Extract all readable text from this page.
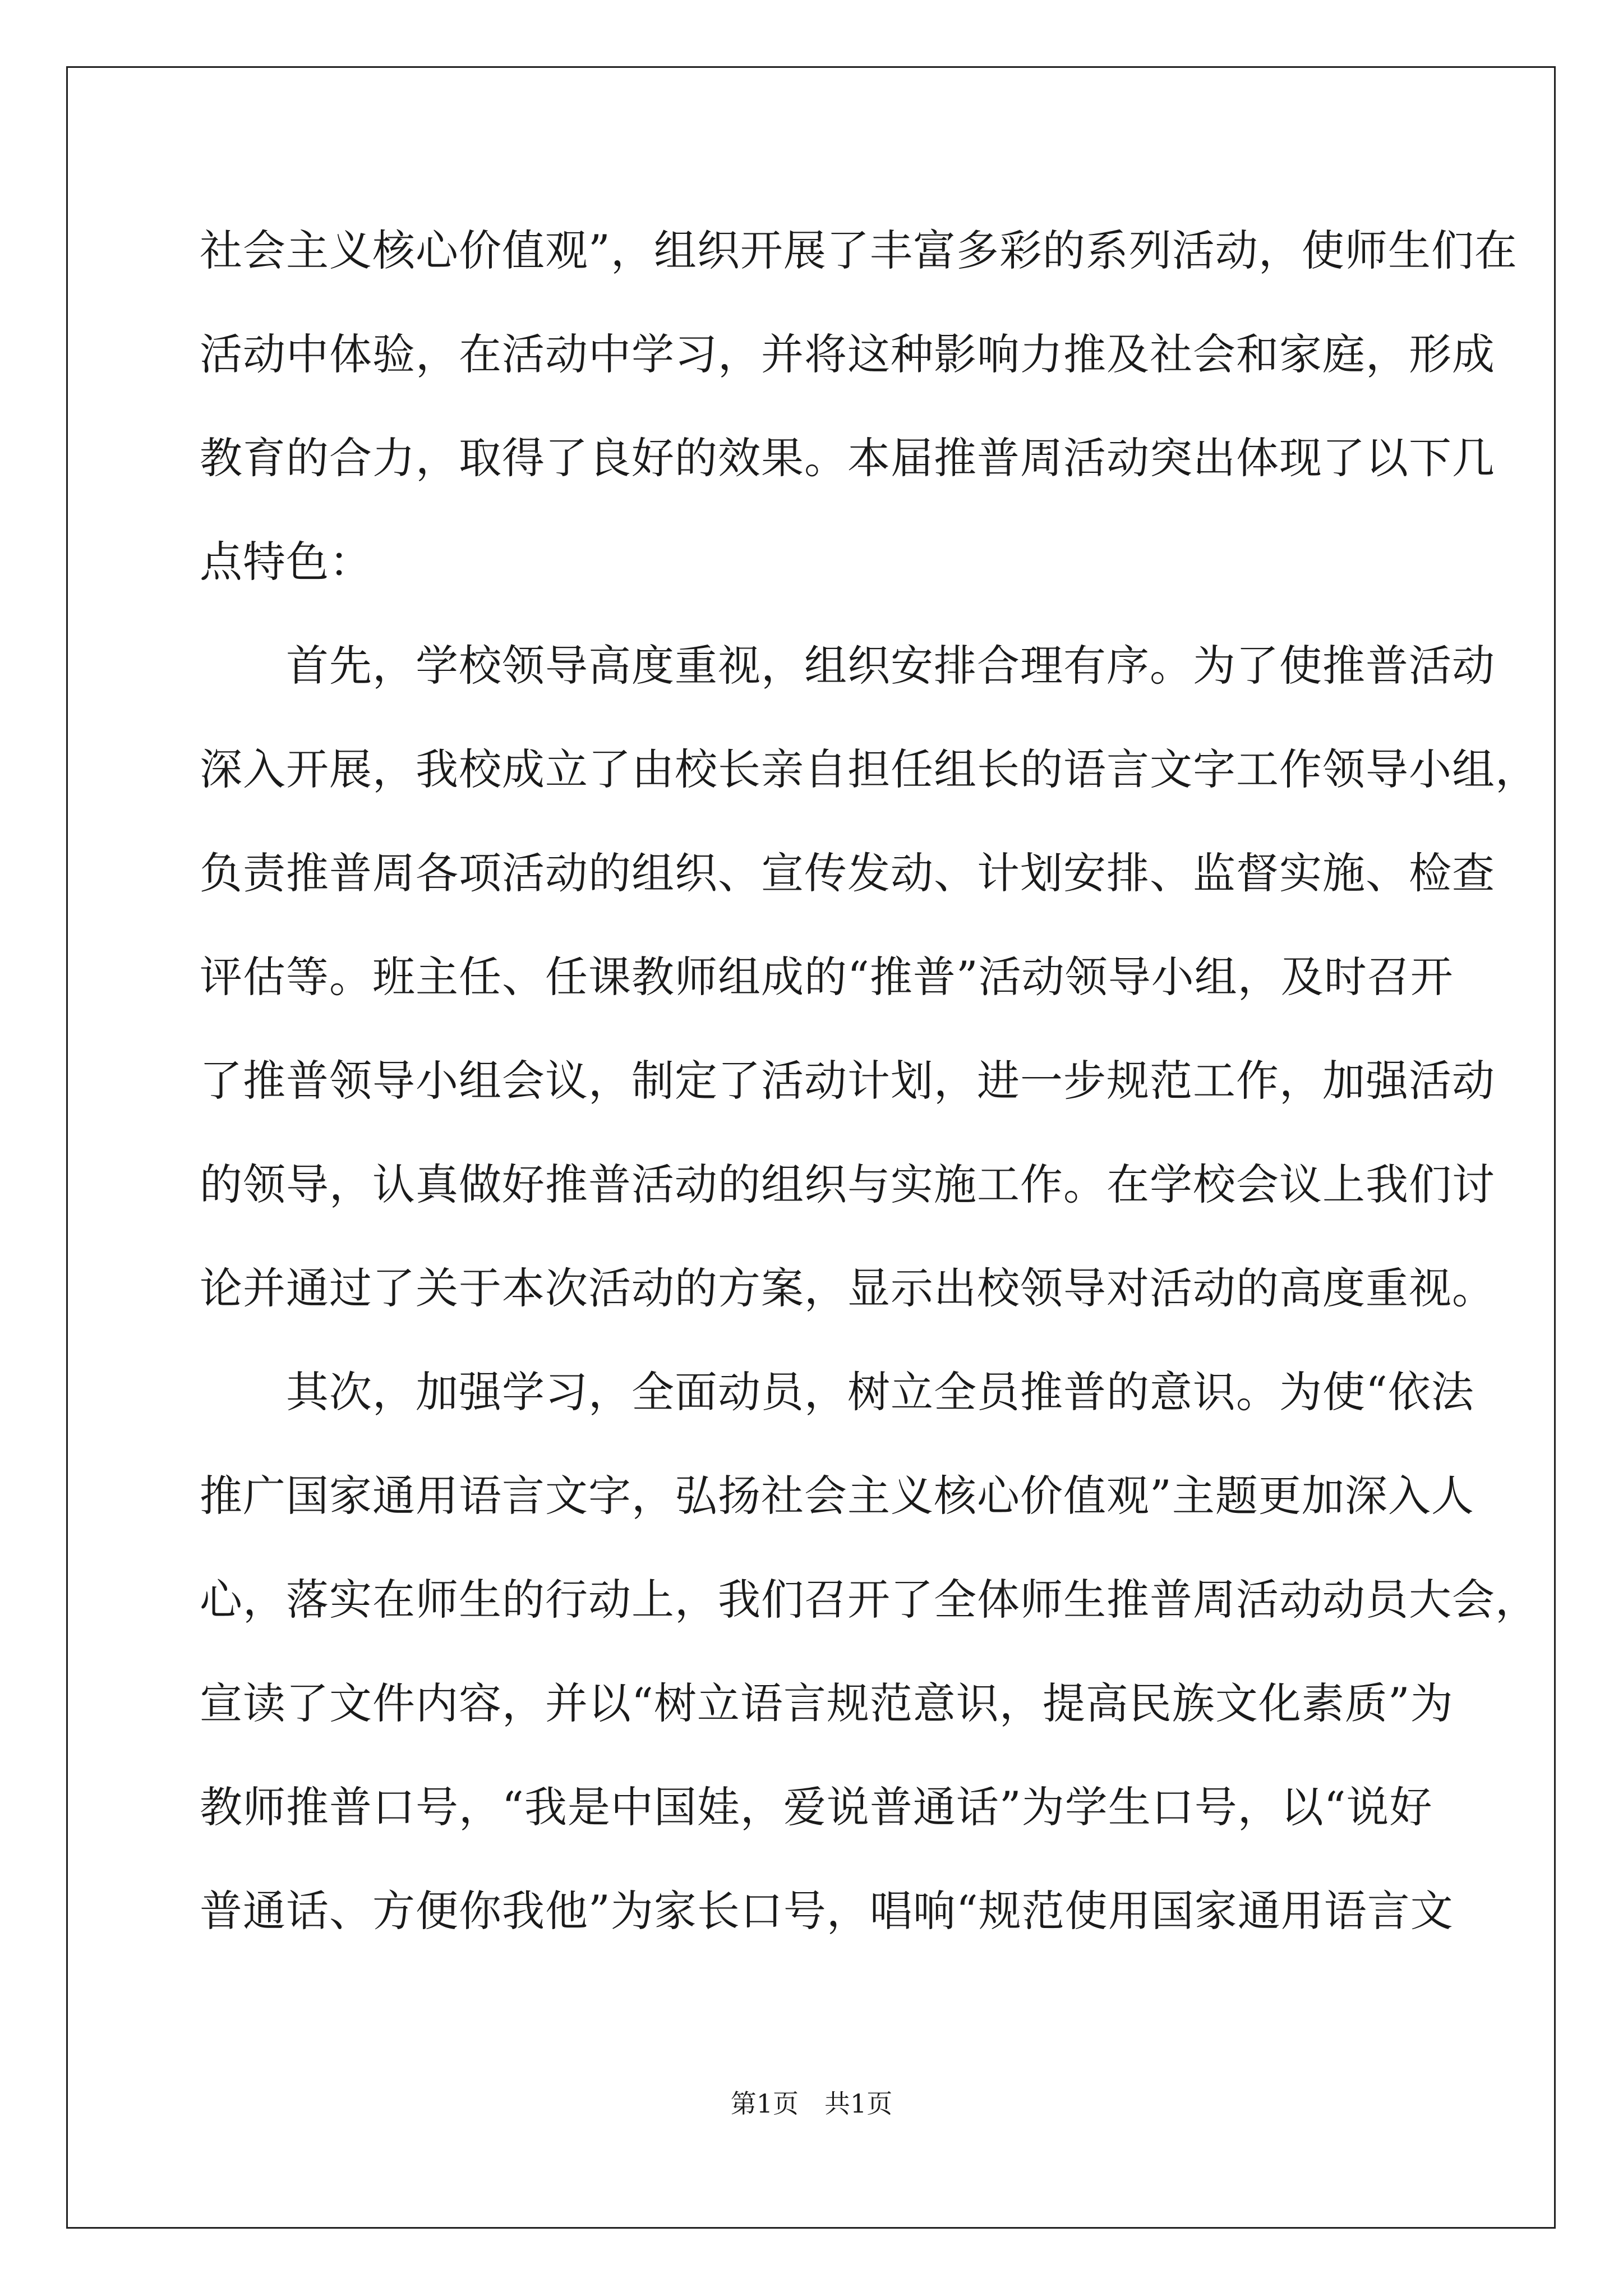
社会主义核心价值观”，组织开展了丰富多彩的系列活动，使师生们在
活动中体验，在活动中学习，并将这种影响力推及社会和家庭，形成
教育的合力，取得了良好的效果。本届推普周活动突出体现了以下几
点特色：
　　首先，学校领导高度重视，组织安排合理有序。为了使推普活动
深入开展，我校成立了由校长亲自担任组长的语言文字工作领导小组，
负责推普周各项活动的组织、宣传发动、计划安排、监督实施、检查
评估等。班主任、任课教师组成的“推普”活动领导小组，及时召开
了推普领导小组会议，制定了活动计划，进一步规范工作，加强活动
的领导，认真做好推普活动的组织与实施工作。在学校会议上我们讨
论并通过了关于本次活动的方案，显示出校领导对活动的高度重视。
　　其次，加强学习，全面动员，树立全员推普的意识。为使“依法
推广国家通用语言文字，弘扬社会主义核心价值观”主题更加深入人
心，落实在师生的行动上，我们召开了全体师生推普周活动动员大会，
宣读了文件内容，并以“树立语言规范意识，提高民族文化素质”为
教师推普口号，“我是中国娃，爱说普通话”为学生口号，以“说好
普通话、方便你我他”为家长口号，唱响“规范使用国家通用语言文
第1页　共1页
